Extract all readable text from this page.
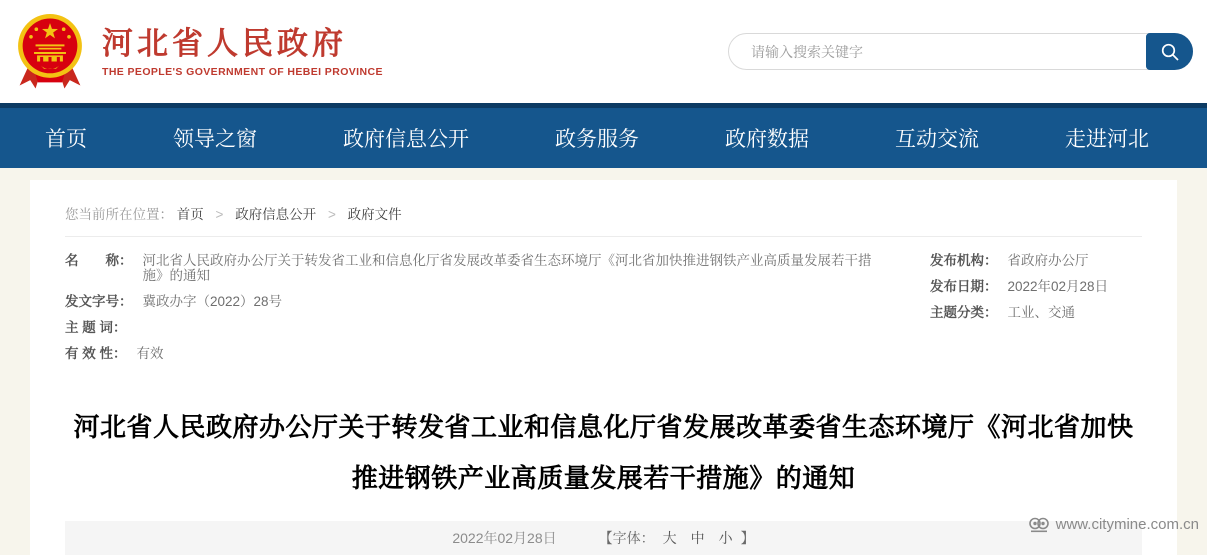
河北省人民政府
THE PEOPLE'S GOVERNMENT OF HEBEI PROVINCE
请输入搜索关键字
首页	领导之窗	政府信息公开	政务服务	政府数据	互动交流	走进河北
您当前所在位置： 首页 > 政府信息公开 > 政府文件
名　　称： 河北省人民政府办公厅关于转发省工业和信息化厅省发展改革委省生态环境厅《河北省加快推进钢铁产业高质量发展若干措施》的通知
发文字号： 冀政办字（2022）28号
主 题 词：
有 效 性： 有效
发布机构： 省政府办公厅
发布日期： 2022年02月28日
主题分类： 工业、交通
河北省人民政府办公厅关于转发省工业和信息化厅省发展改革委省生态环境厅《河北省加快
推进钢铁产业高质量发展若干措施》的通知
2022年02月28日	【字体： 大 中 小 】
www.citymine.com.cn
